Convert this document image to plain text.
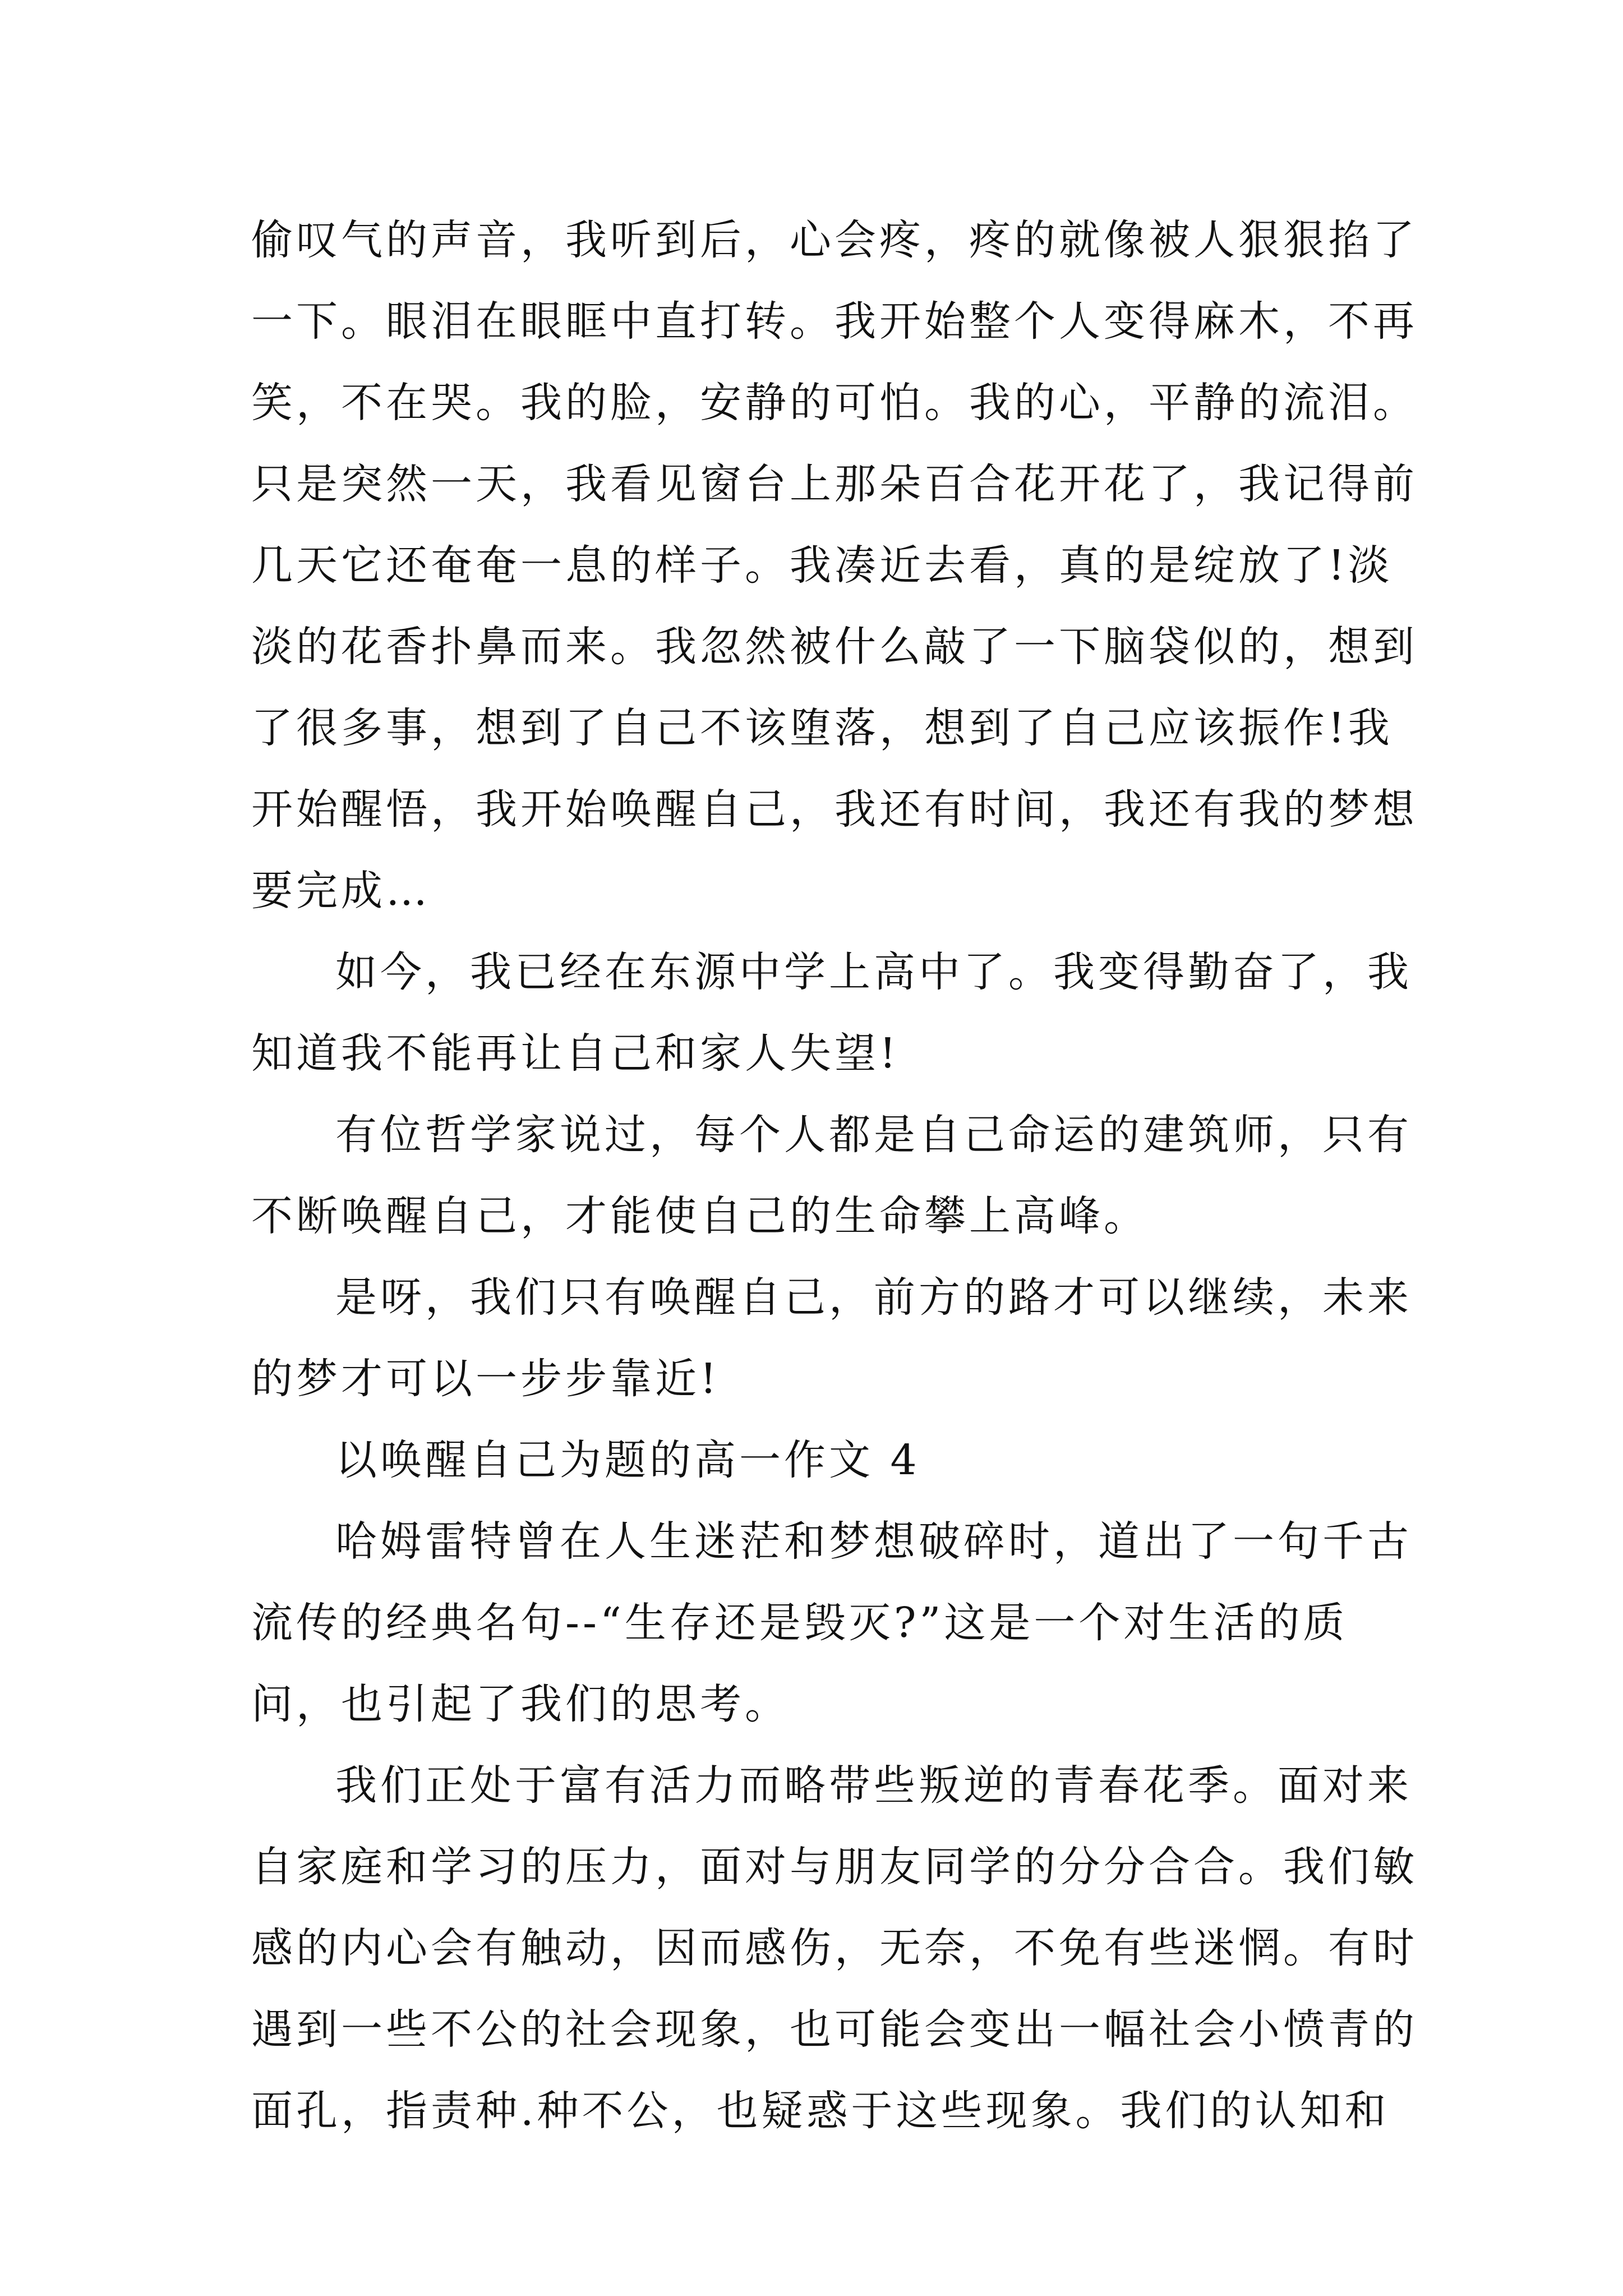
偷叹气的声音，我听到后，心会疼，疼的就像被人狠狠掐了
一下。眼泪在眼眶中直打转。我开始整个人变得麻木，不再
笑，不在哭。我的脸，安静的可怕。我的心，平静的流泪。
只是突然一天，我看见窗台上那朵百合花开花了，我记得前
几天它还奄奄一息的样子。我凑近去看，真的是绽放了!淡
淡的花香扑鼻而来。我忽然被什么敲了一下脑袋似的，想到
了很多事，想到了自己不该堕落，想到了自己应该振作!我
开始醒悟，我开始唤醒自己，我还有时间，我还有我的梦想
要完成…
如今，我已经在东源中学上高中了。我变得勤奋了，我
知道我不能再让自己和家人失望!
有位哲学家说过，每个人都是自己命运的建筑师，只有
不断唤醒自己，才能使自己的生命攀上高峰。
是呀，我们只有唤醒自己，前方的路才可以继续，未来
的梦才可以一步步靠近!
以唤醒自己为题的高一作文 4
哈姆雷特曾在人生迷茫和梦想破碎时，道出了一句千古
流传的经典名句--“生存还是毁灭?”这是一个对生活的质
问，也引起了我们的思考。
我们正处于富有活力而略带些叛逆的青春花季。面对来
自家庭和学习的压力，面对与朋友同学的分分合合。我们敏
感的内心会有触动，因而感伤，无奈，不免有些迷惘。有时
遇到一些不公的社会现象，也可能会变出一幅社会小愤青的
面孔，指责种.种不公，也疑惑于这些现象。我们的认知和
